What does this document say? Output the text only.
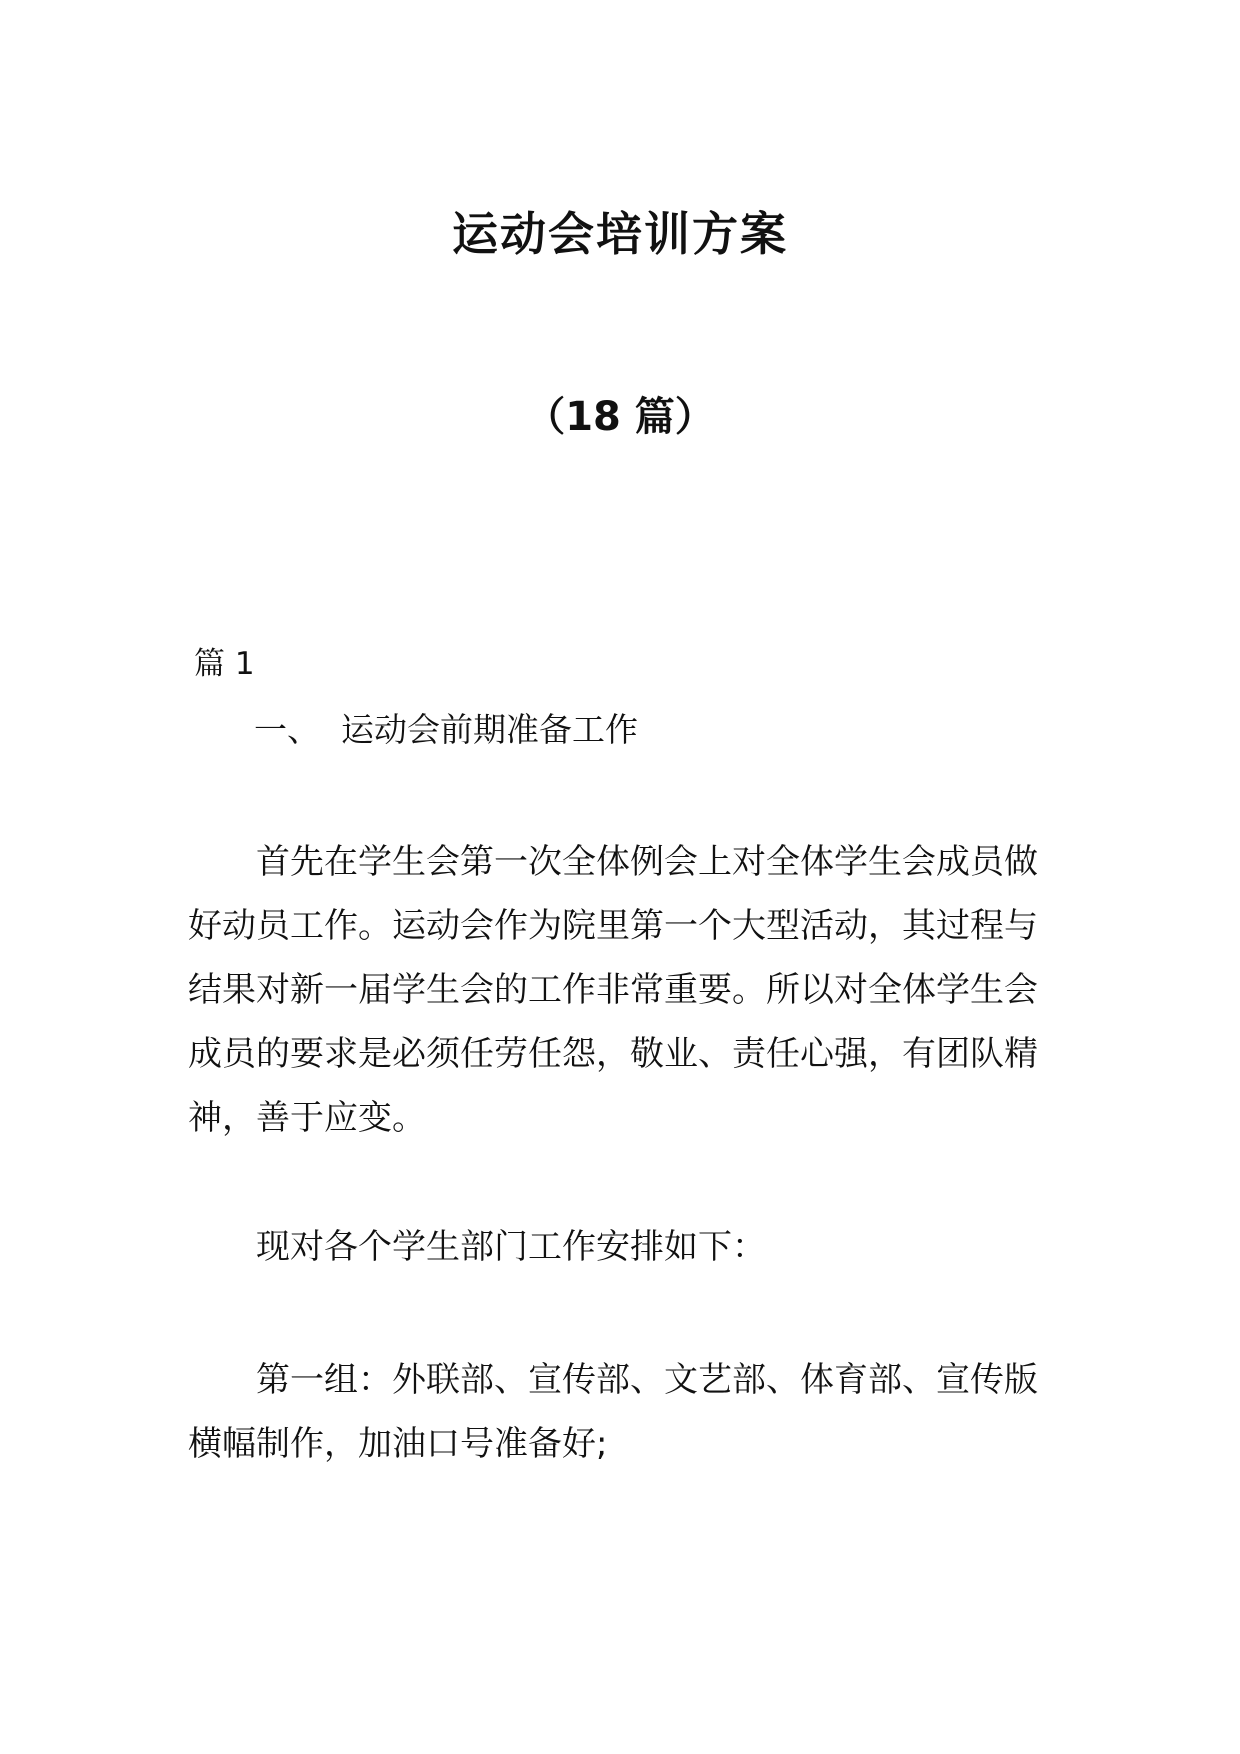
运动会培训方案
（18 篇）
篇 1
一、  运动会前期准备工作

首先在学生会第一次全体例会上对全体学生会成员做好动员工作。运动会作为院里第一个大型活动，其过程与结果对新一届学生会的工作非常重要。所以对全体学生会成员的要求是必须任劳任怨，敬业、责任心强，有团队精神，善于应变。

现对各个学生部门工作安排如下：

第一组：外联部、宣传部、文艺部、体育部、宣传版横幅制作，加油口号准备好;
